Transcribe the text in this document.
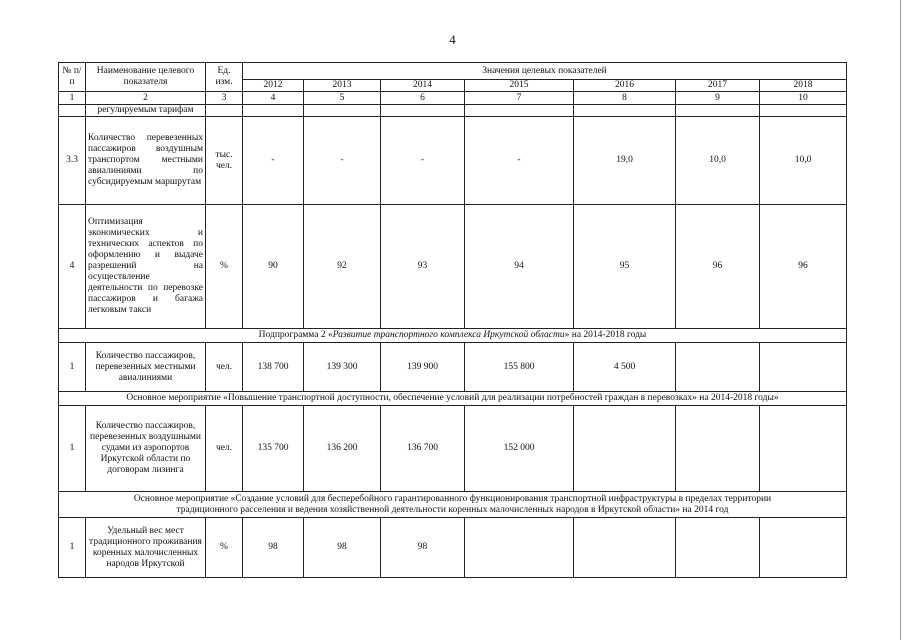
4
№ п/п	Наименование целевого показателя	Ед. изм.	Значения целевых показателей						
			2012	2013	2014	2015	2016	2017	2018
1	2	3	4	5	6	7	8	9	10
	регулируемым тарифам								
3.3	Количество перевезенных пассажиров воздушным транспортом местными авиалиниями по субсидируемым маршрутам	тыс. чел.	-	-	-	-	19,0	10,0	10,0
4	Оптимизация экономических и технических аспектов по оформлению и выдаче разрешений на осуществление деятельности по перевозке пассажиров и багажа легковым такси	%	90	92	93	94	95	96	96
Подпрограмма 2 «Развитие транспортного комплекса Иркутской области» на 2014-2018 годы									
1	Количество пассажиров, перевезенных местными авиалиниями	чел.	138 700	139 300	139 900	155 800	4 500		
Основное мероприятие «Повышение транспортной доступности, обеспечение условий для реализации потребностей граждан в перевозках» на 2014-2018 годы»									
1	Количество пассажиров, перевезенных воздушными судами из аэропортов Иркутской области по договорам лизинга	чел.	135 700	136 200	136 700	152 000			

Основное мероприятие «Создание условий для бесперебойного гарантированного функционирования транспортной инфраструктуры в пределах территории
традиционного расселения и ведения хозяйственной деятельности коренных малочисленных народов в Иркутской области» на 2014 год									

1	Удельный вес мест традиционного проживания коренных малочисленных народов Иркутской	%	98	98	98				
